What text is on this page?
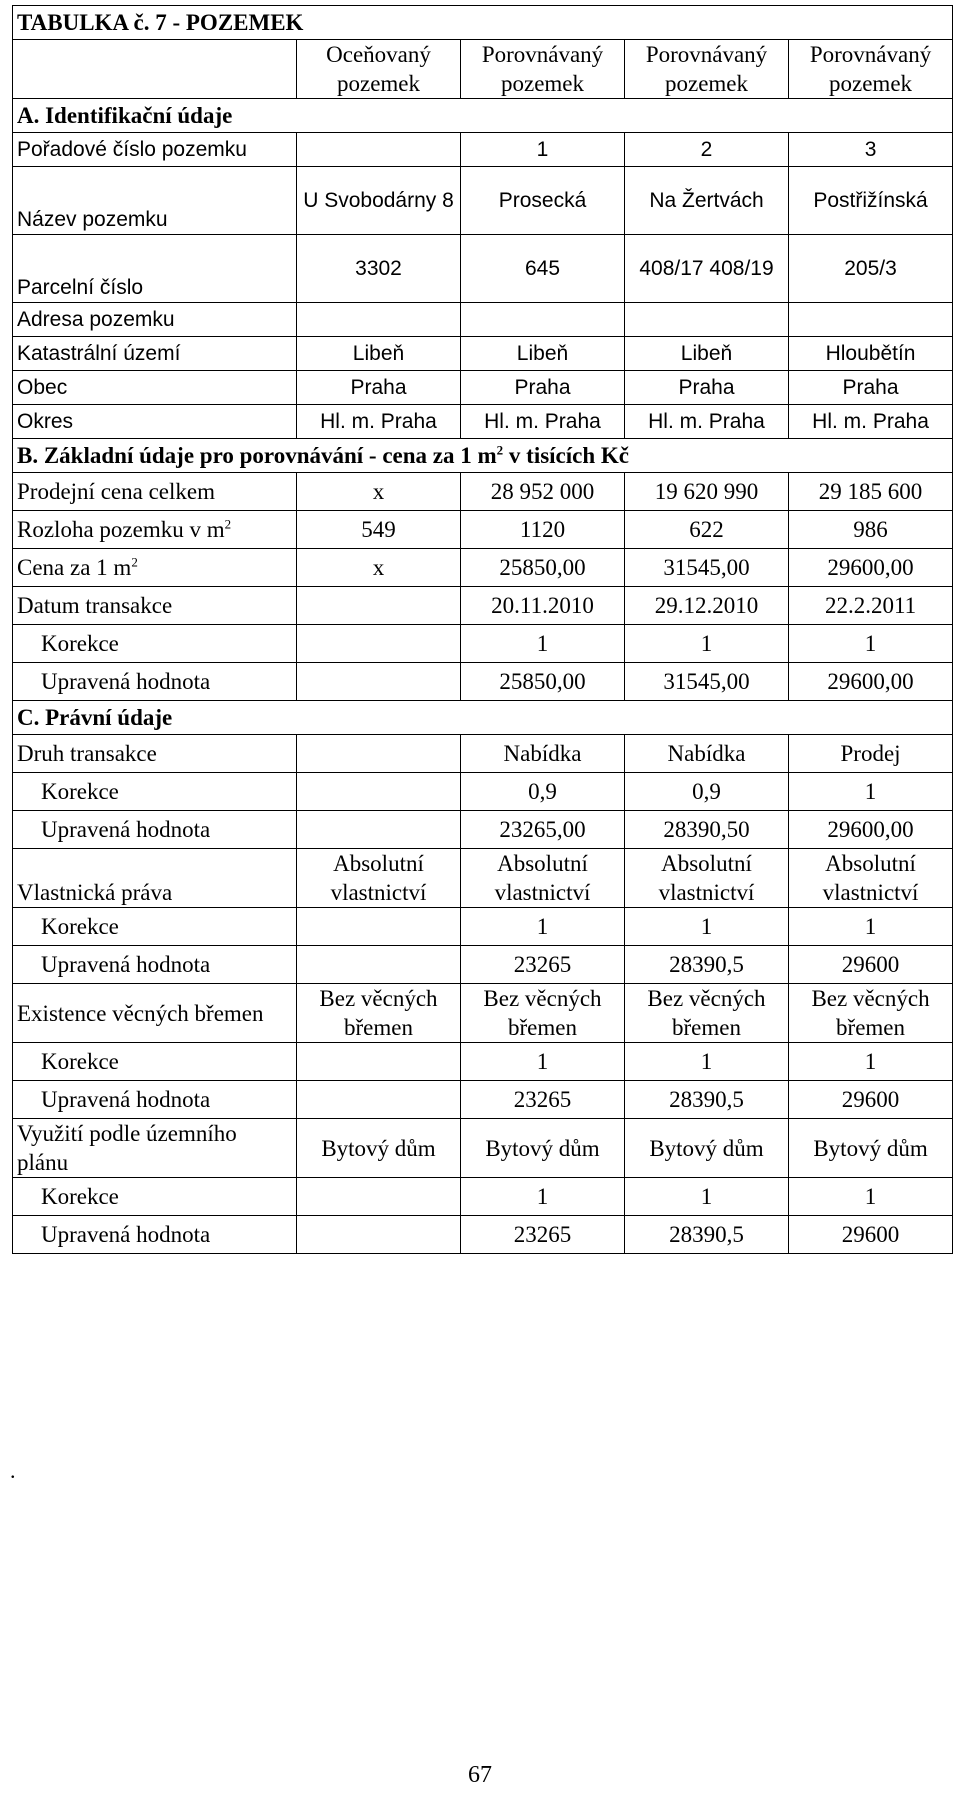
TABULKA č. 7 - POZEMEK				
	Oceňovaný pozemek	Porovnávaný pozemek	Porovnávaný pozemek	Porovnávaný pozemek
A. Identifikační údaje				
Pořadové číslo pozemku		1	2	3
Název pozemku	U Svobodárny 8	Prosecká	Na Žertvách	Postřižínská
Parcelní číslo	3302	645	408/17 408/19	205/3
Adresa pozemku				
Katastrální území	Libeň	Libeň	Libeň	Hloubětín
Obec	Praha	Praha	Praha	Praha
Okres	Hl. m. Praha	Hl. m. Praha	Hl. m. Praha	Hl. m. Praha
B. Základní údaje pro porovnávání - cena za 1 $m^2$ v tisících Kč				
Prodejní cena celkem	x	28 952 000	19 620 990	29 185 600
Rozloha pozemku v $m^2$	549	1120	622	986
Cena za 1 $m^2$	x	25850,00	31545,00	29600,00
Datum transakce		20.11.2010	29.12.2010	22.2.2011
Korekce		1	1	1
Upravená hodnota		25850,00	31545,00	29600,00
C. Právní údaje				
Druh transakce		Nabídka	Nabídka	Prodej
Korekce		0,9	0,9	1
Upravená hodnota		23265,00	28390,50	29600,00
Vlastnická práva	Absolutní vlastnictví	Absolutní vlastnictví	Absolutní vlastnictví	Absolutní vlastnictví
Korekce		1	1	1
Upravená hodnota		23265	28390,5	29600
Existence věcných břemen	Bez věcných břemen	Bez věcných břemen	Bez věcných břemen	Bez věcných břemen
Korekce		1	1	1
Upravená hodnota		23265	28390,5	29600
Využití podle územního plánu	Bytový dům	Bytový dům	Bytový dům	Bytový dům
Korekce		1	1	1
Upravená hodnota		23265	28390,5	29600
.
67
